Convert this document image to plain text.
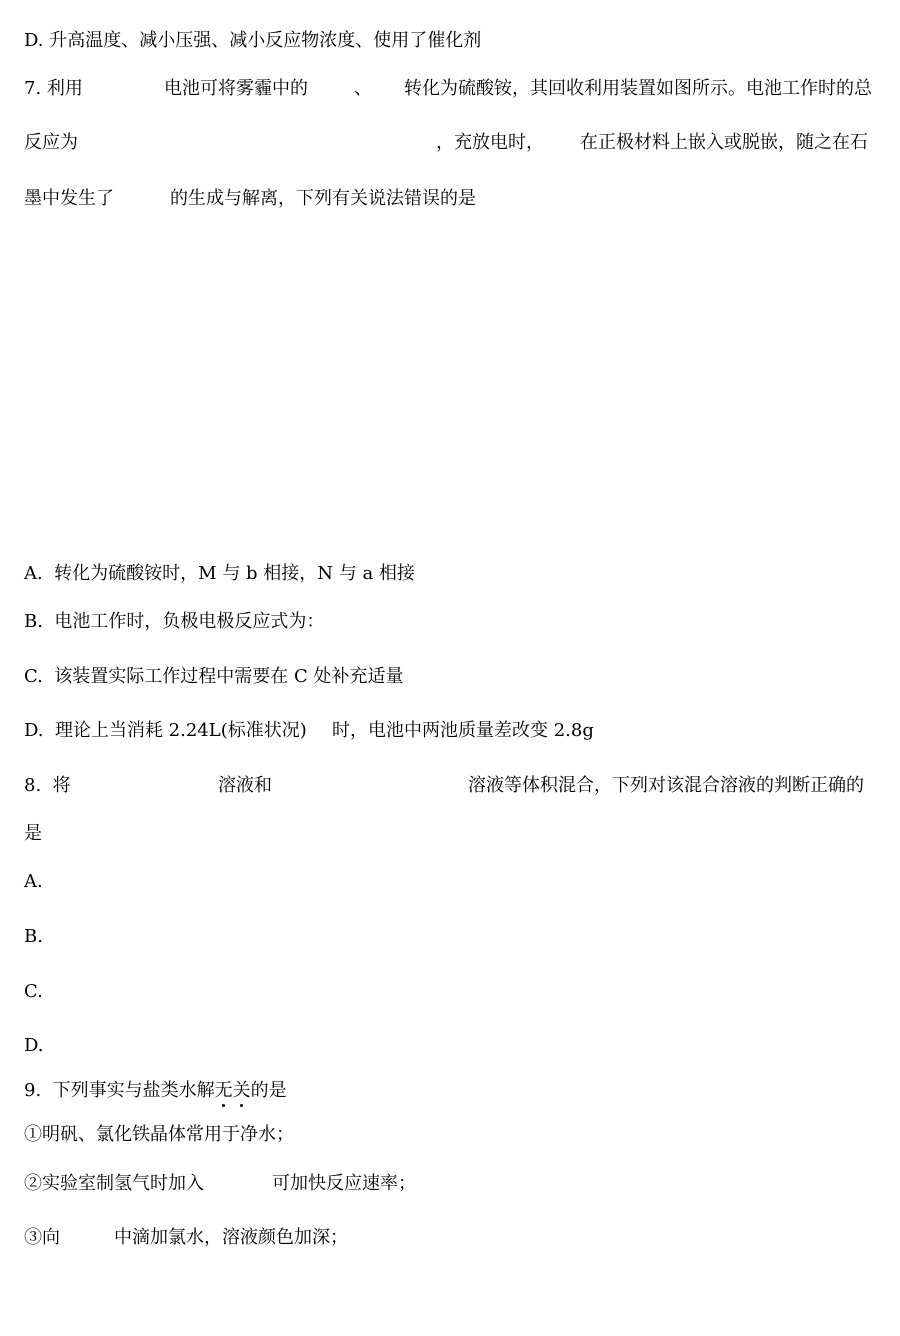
D. 升高温度、减小压强、减小反应物浓度、使用了催化剂

7. 利用

	电池可将雾霾中的

	、

转化为硫酸铵，其回收利用装置如图所示。电池工作时的总

反应为

	，充放电时，

在正极材料上嵌入或脱嵌，随之在石

墨中发生了

	的生成与解离，下列有关说法错误的是

A.  转化为硫酸铵时，M 与 b 相接，N 与 a 相接

B.  电池工作时，负极电极反应式为：

C.  该装置实际工作过程中需要在 C 处补充适量

D.  理论上当消耗 2.24L(标准状况)

时，电池中两池质量差改变 2.8g

8.  将

	溶液和

	溶液等体积混合，下列对该混合溶液的判断正确的

是

A.

B.

C.

D.

9.  下列事实与盐类水解无关的是

①明矾、氯化铁晶体常用于净水；

②实验室制氢气时加入

	可加快反应速率；

③向

	中滴加氯水，溶液颜色加深；
